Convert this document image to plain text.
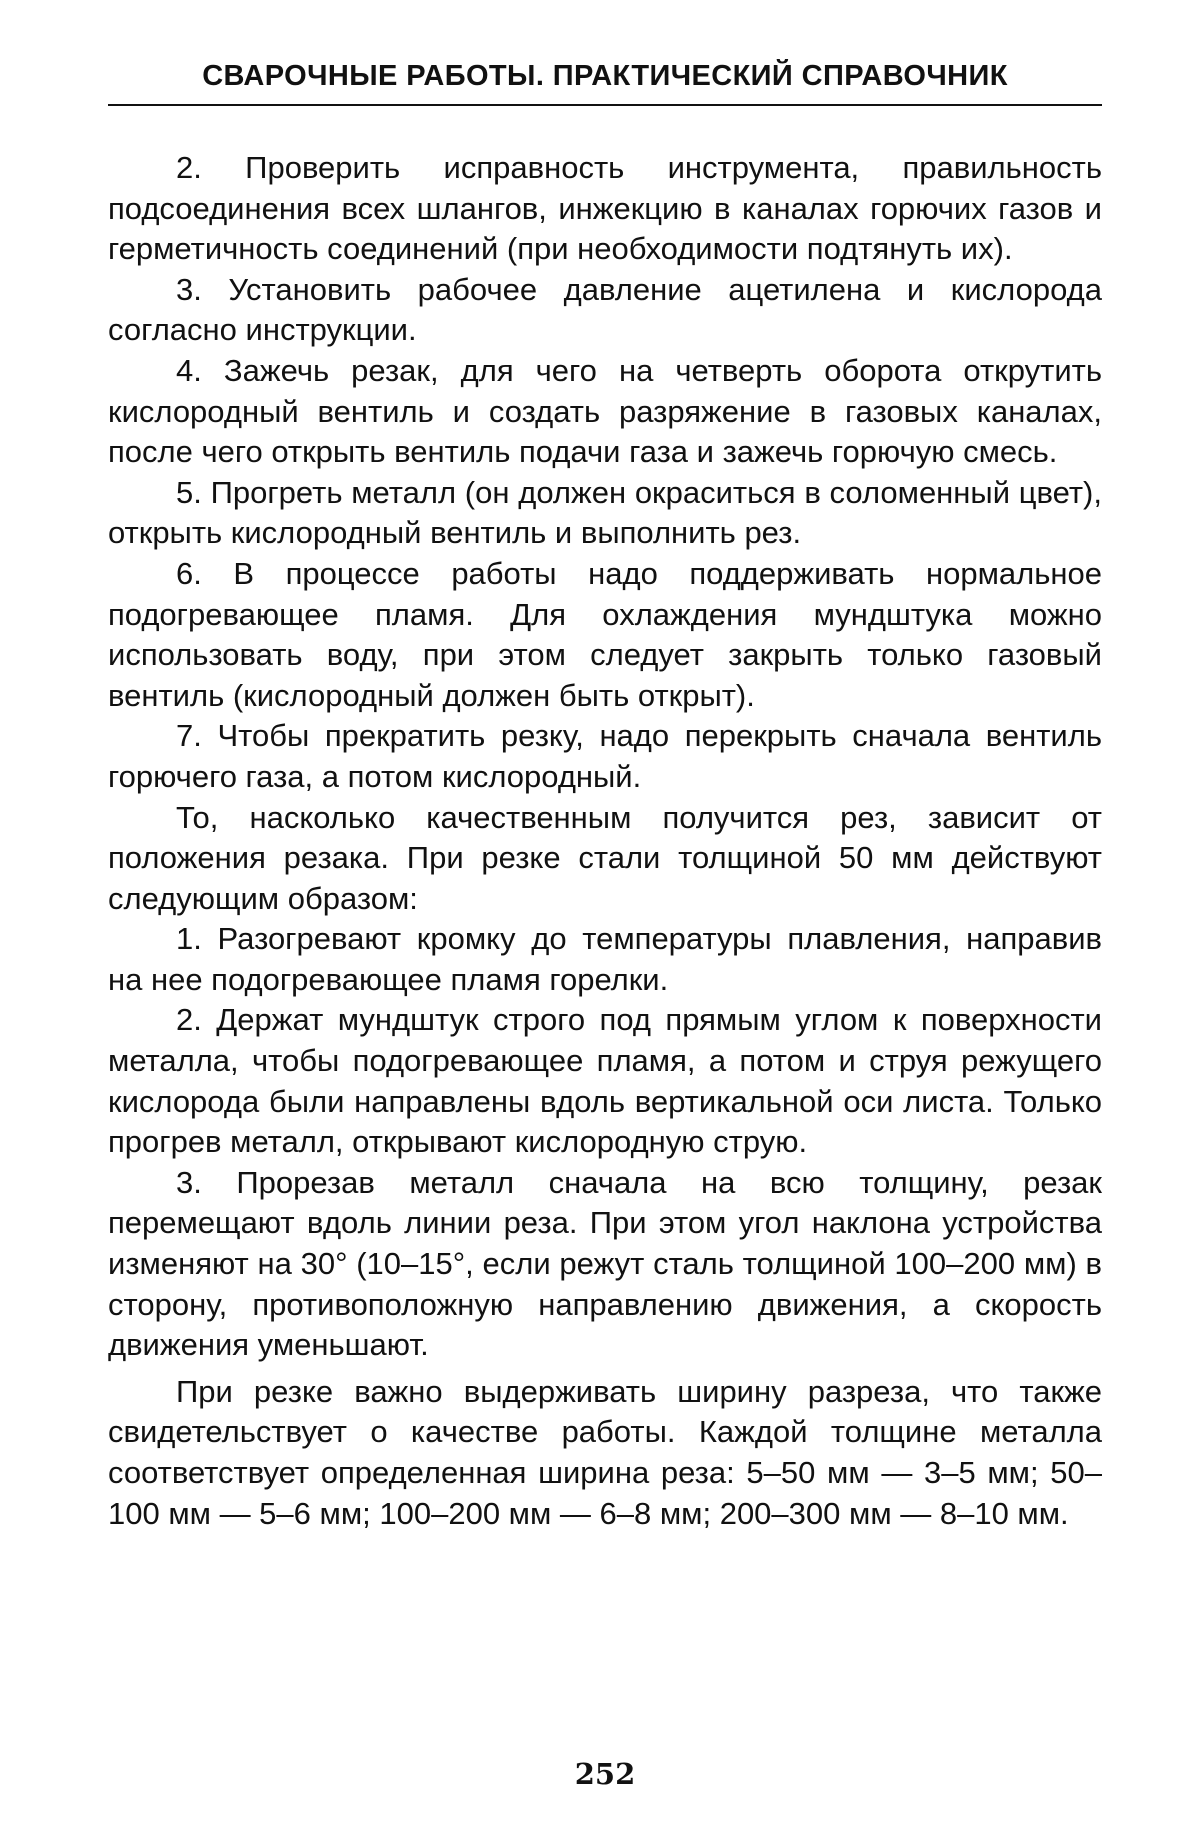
СВАРОЧНЫЕ РАБОТЫ. ПРАКТИЧЕСКИЙ СПРАВОЧНИК

2. Проверить исправность инструмента, правильность подсоединения всех шлангов, инжекцию в каналах горючих газов и герметичность соединений (при необходимости подтянуть их).

3. Установить рабочее давление ацетилена и кислорода согласно инструкции.

4. Зажечь резак, для чего на четверть оборота открутить кислородный вентиль и создать разряжение в газовых каналах, после чего открыть вентиль подачи газа и зажечь горючую смесь.

5. Прогреть металл (он должен окраситься в соломенный цвет), открыть кислородный вентиль и выполнить рез.

6. В процессе работы надо поддерживать нормальное подогревающее пламя. Для охлаждения мундштука можно использовать воду, при этом следует закрыть только газовый вентиль (кислородный должен быть открыт).

7. Чтобы прекратить резку, надо перекрыть сначала вентиль горючего газа, а потом кислородный.

То, насколько качественным получится рез, зависит от положения резака. При резке стали толщиной 50 мм действуют следующим образом:

1. Разогревают кромку до температуры плавления, направив на нее подогревающее пламя горелки.

2. Держат мундштук строго под прямым углом к поверхности металла, чтобы подогревающее пламя, а потом и струя режущего кислорода были направлены вдоль вертикальной оси листа. Только прогрев металл, открывают кислородную струю.

3. Прорезав металл сначала на всю толщину, резак перемещают вдоль линии реза. При этом угол наклона устройства изменяют на 30° (10–15°, если режут сталь толщиной 100–200 мм) в сторону, противоположную направлению движения, а скорость движения уменьшают.

При резке важно выдерживать ширину разреза, что также свидетельствует о качестве работы. Каждой толщине металла соответствует определенная ширина реза: 5–50 мм — 3–5 мм; 50–100 мм — 5–6 мм; 100–200 мм — 6–8 мм; 200–300 мм — 8–10 мм.

252
